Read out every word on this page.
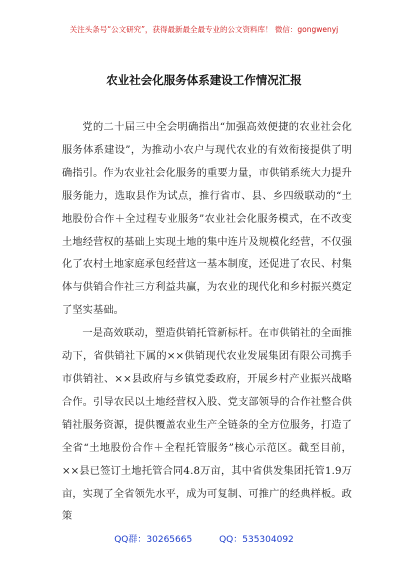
关注头条号“公文研究”，获得最新最全最专业的公文资料库！ 微信：gongwenyj
农业社会化服务体系建设工作情况汇报

党的二十届三中全会明确指出“加强高效便捷的农业社会化服务体系建设”，为推动小农户与现代农业的有效衔接提供了明确指引。作为农业社会化服务的重要力量，市供销系统大力提升服务能力，选取县作为试点，推行省市、县、乡四级联动的“土地股份合作＋全过程专业服务”农业社会化服务模式，在不改变土地经营权的基础上实现土地的集中连片及规模化经营，不仅强化了农村土地家庭承包经营这一基本制度，还促进了农民、村集体与供销合作社三方利益共赢，为农业的现代化和乡村振兴奠定了坚实基础。

一是高效联动，塑造供销托管新标杆。在市供销社的全面推动下，省供销社下属的××供销现代农业发展集团有限公司携手市供销社、××县政府与乡镇党委政府，开展乡村产业振兴战略合作。引导农民以土地经营权入股、党支部领导的合作社整合供销社服务资源，提供覆盖农业生产全链条的全方位服务，打造了全省“土地股份合作＋全程托管服务”核心示范区。截至目前，××县已签订土地托管合同4.8万亩，其中省供发集团托管1.9万亩，实现了全省领先水平，成为可复制、可推广的经典样板。政策

QQ群：30265665	QQ：535304092
